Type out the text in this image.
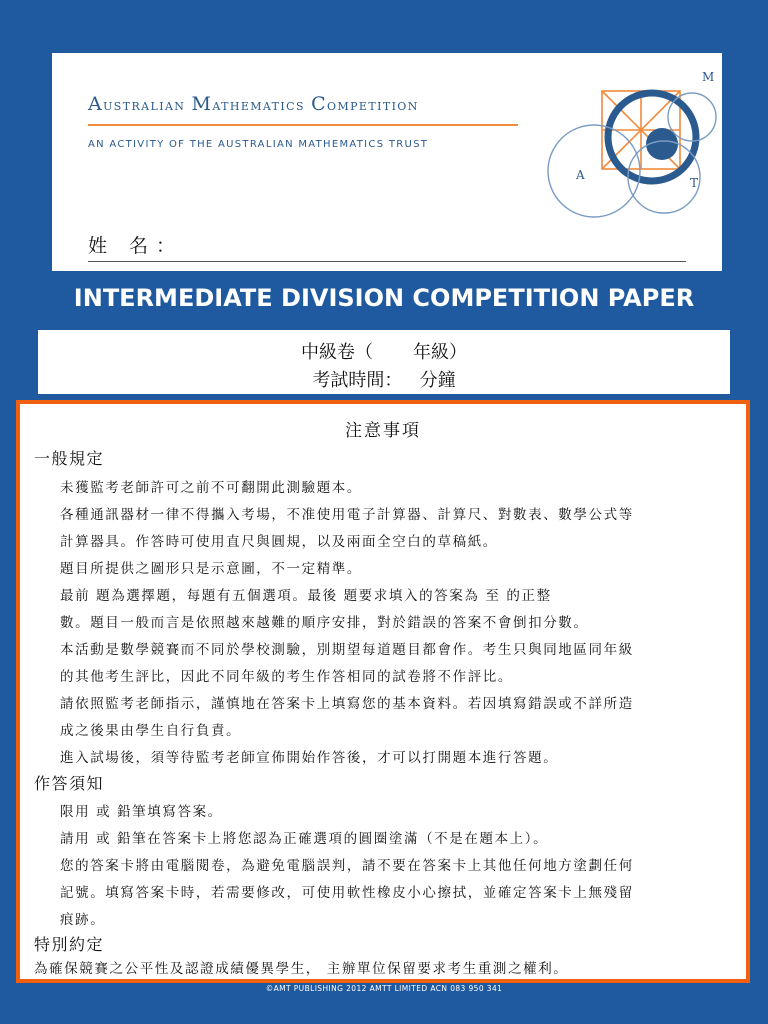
Australian Mathematics Competition
AN ACTIVITY OF THE AUSTRALIAN MATHEMATICS TRUST
M
A
T
姓 名：
INTERMEDIATE DIVISION COMPETITION PAPER
中級卷（       年級）
考試時間：   分鐘
注意事項
一般規定
未獲監考老師許可之前不可翻開此測驗題本。
各種通訊器材一律不得攜入考場，不准使用電子計算器、計算尺、對數表、數學公式等
計算器具。作答時可使用直尺與圓規，以及兩面全空白的草稿紙。
題目所提供之圖形只是示意圖，不一定精準。
最前 題為選擇題，每題有五個選項。最後 題要求填入的答案為 至 的正整
數。題目一般而言是依照越來越難的順序安排，對於錯誤的答案不會倒扣分數。
本活動是數學競賽而不同於學校測驗，別期望每道題目都會作。考生只與同地區同年級
的其他考生評比，因此不同年級的考生作答相同的試卷將不作評比。
請依照監考老師指示，謹慎地在答案卡上填寫您的基本資料。若因填寫錯誤或不詳所造
成之後果由學生自行負責。
進入試場後，須等待監考老師宣佈開始作答後，才可以打開題本進行答題。
作答須知
限用 或 鉛筆填寫答案。
請用 或 鉛筆在答案卡上將您認為正確選項的圓圈塗滿（不是在題本上）。
您的答案卡將由電腦閱卷，為避免電腦誤判，請不要在答案卡上其他任何地方塗劃任何
記號。填寫答案卡時，若需要修改，可使用軟性橡皮小心擦拭，並確定答案卡上無殘留
痕跡。
特別約定
為確保競賽之公平性及認證成績優異學生， 主辦單位保留要求考生重測之權利。
©AMT PUBLISHING 2012 AMTT LIMITED ACN 083 950 341
